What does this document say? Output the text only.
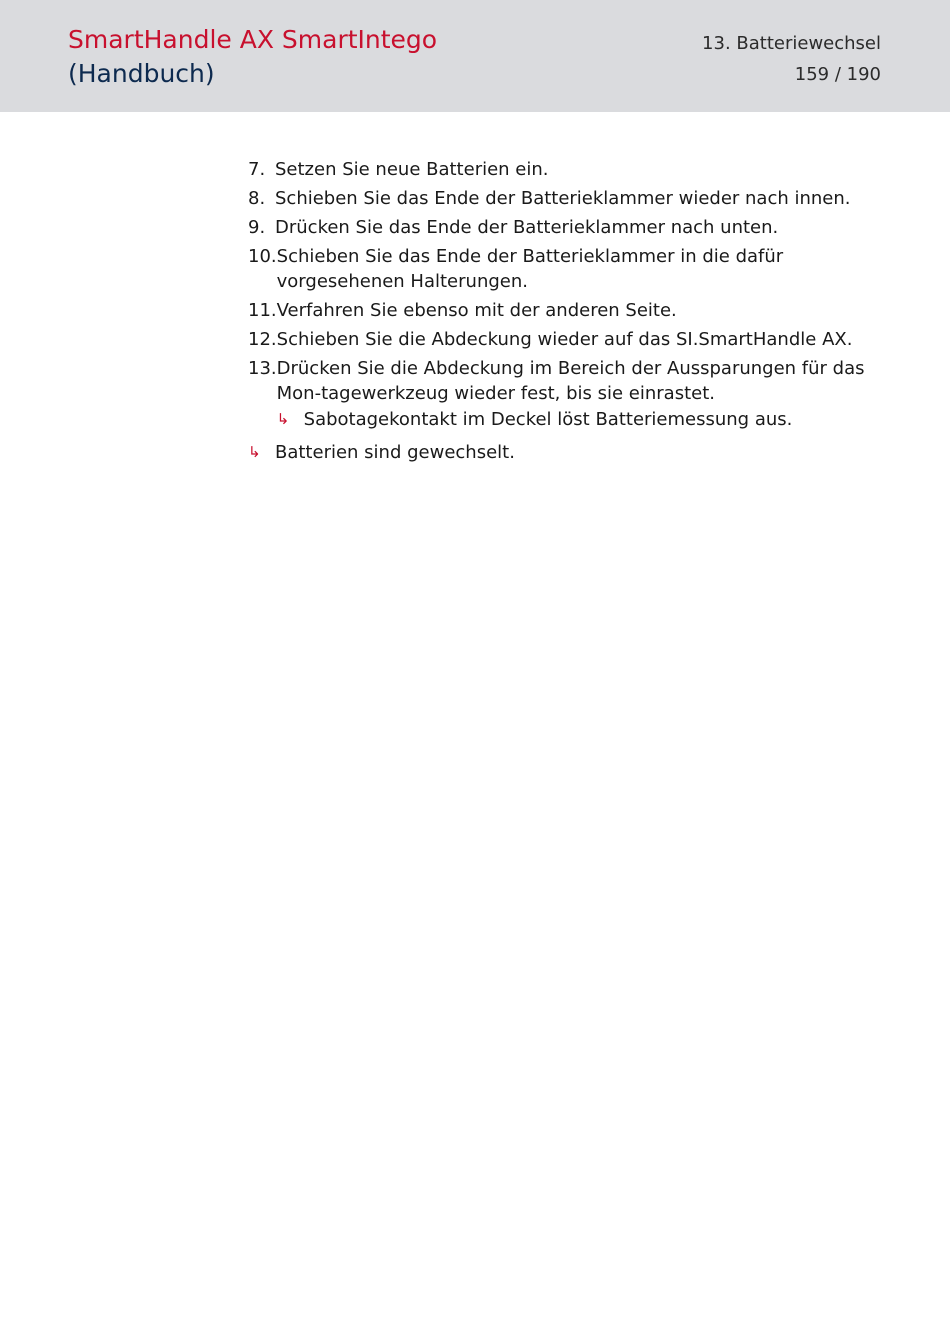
SmartHandle AX SmartIntego
(Handbuch)
13. Batteriewechsel
159 / 190
7. Setzen Sie neue Batterien ein.
8. Schieben Sie das Ende der Batterieklammer wieder nach innen.
9. Drücken Sie das Ende der Batterieklammer nach unten.
10. Schieben Sie das Ende der Batterieklammer in die dafür vorgesehenen Halterungen.
11. Verfahren Sie ebenso mit der anderen Seite.
12. Schieben Sie die Abdeckung wieder auf das SI.SmartHandle AX.
13. Drücken Sie die Abdeckung im Bereich der Aussparungen für das Mon-tagewerkzeug wieder fest, bis sie einrastet.
↳ Sabotagekontakt im Deckel löst Batteriemessung aus.
↳ Batterien sind gewechselt.
